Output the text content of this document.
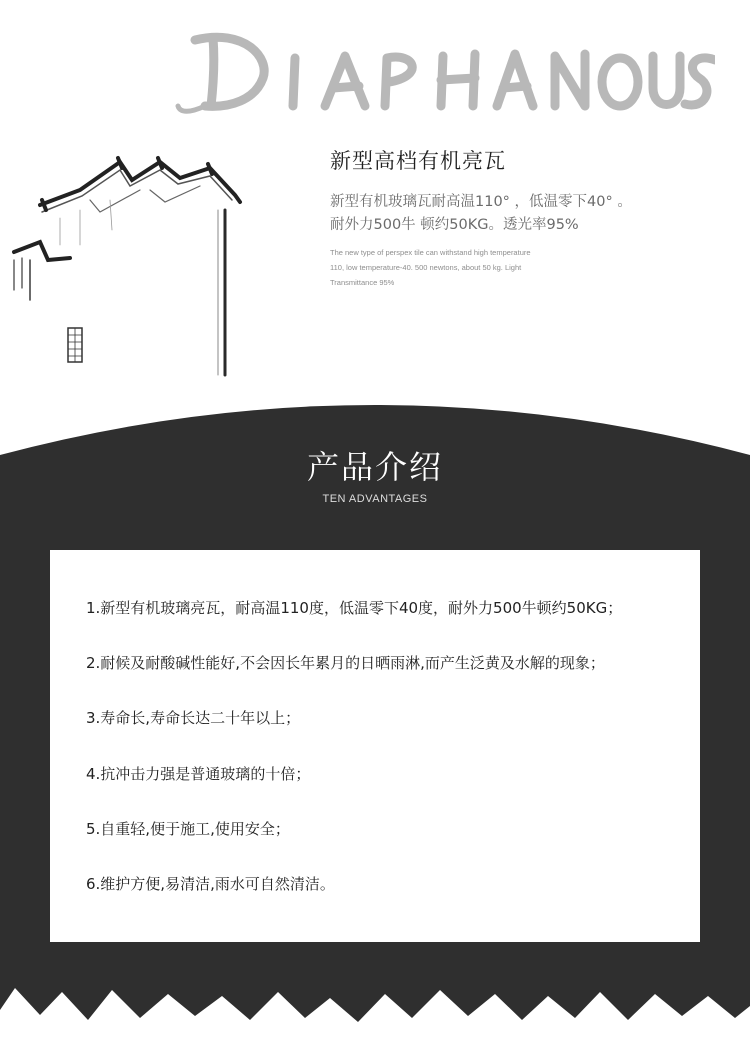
新型高档有机亮瓦

新型有机玻璃瓦耐高温110° ，低温零下40° 。

耐外力500牛 顿约50KG。透光率95%

The new type of perspex tile can withstand high temperature
110, low temperature-40. 500 newtons, about 50 kg. Light
Transmittance 95%
产品介绍
TEN ADVANTAGES
1.新型有机玻璃亮瓦，耐高温110度，低温零下40度，耐外力500牛顿约50KG；
2.耐候及耐酸碱性能好,不会因长年累月的日晒雨淋,而产生泛黄及水解的现象；
3.寿命长,寿命长达二十年以上；
4.抗冲击力强是普通玻璃的十倍；
5.自重轻,便于施工,使用安全；
6.维护方便,易清洁,雨水可自然清洁。
